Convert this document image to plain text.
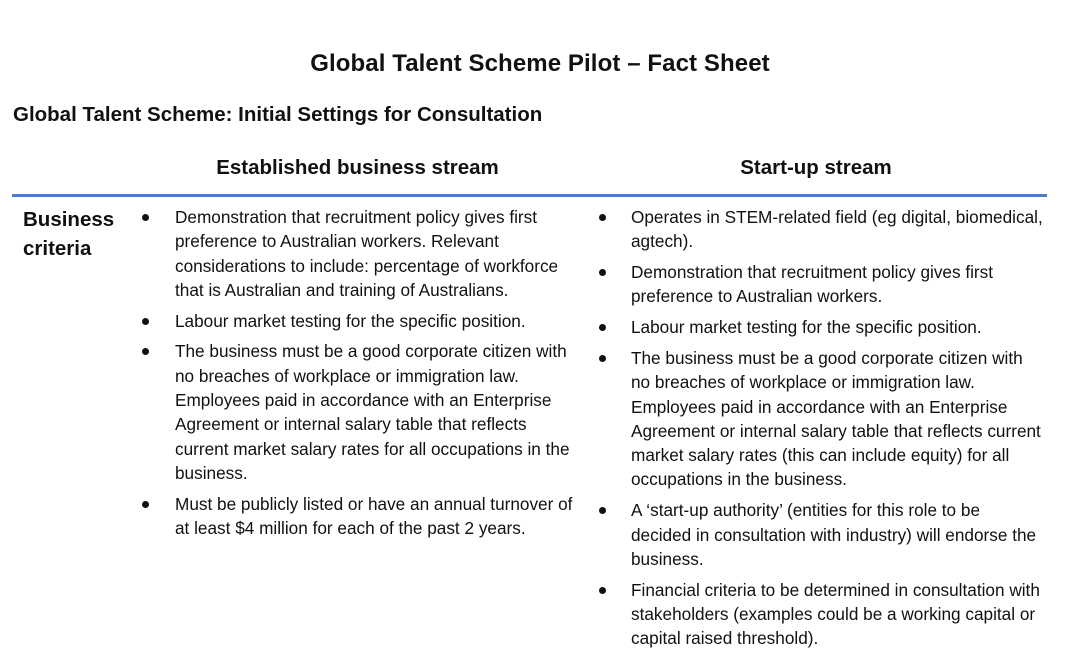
Global Talent Scheme Pilot – Fact Sheet
Global Talent Scheme: Initial Settings for Consultation
Established business stream	Start-up stream
Business criteria
Demonstration that recruitment policy gives first preference to Australian workers. Relevant considerations to include: percentage of workforce that is Australian and training of Australians.
Labour market testing for the specific position.
The business must be a good corporate citizen with no breaches of workplace or immigration law. Employees paid in accordance with an Enterprise Agreement or internal salary table that reflects current market salary rates for all occupations in the business.
Must be publicly listed or have an annual turnover of at least $4 million for each of the past 2 years.
Operates in STEM-related field (eg digital, biomedical, agtech).
Demonstration that recruitment policy gives first preference to Australian workers.
Labour market testing for the specific position.
The business must be a good corporate citizen with no breaches of workplace or immigration law. Employees paid in accordance with an Enterprise Agreement or internal salary table that reflects current market salary rates (this can include equity) for all occupations in the business.
A ‘start-up authority’ (entities for this role to be decided in consultation with industry) will endorse the business.
Financial criteria to be determined in consultation with stakeholders (examples could be a working capital or capital raised threshold).
